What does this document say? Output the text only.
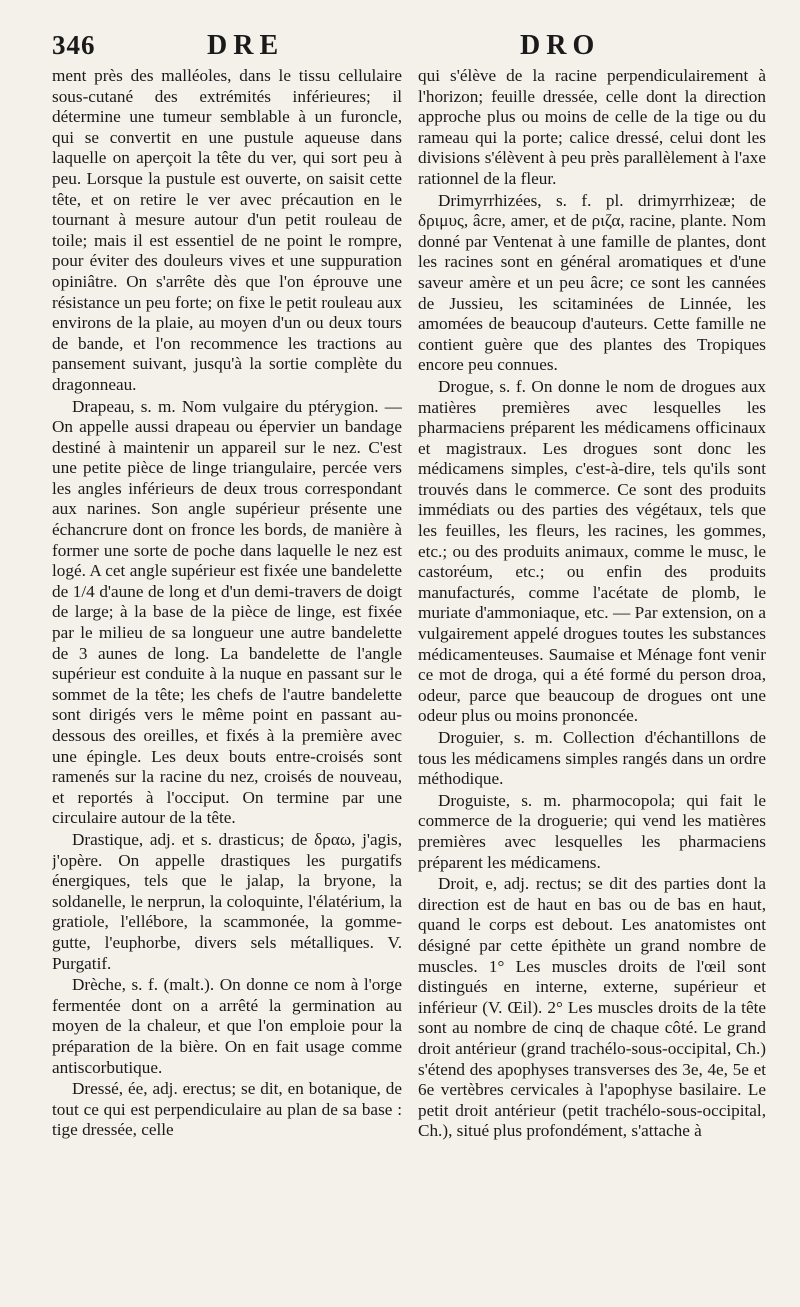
346	DRE	DRO

ment près des malléoles, dans le tissu cellulaire sous-cutané des extrémités inférieures; il détermine une tumeur semblable à un furoncle, qui se convertit en une pustule aqueuse dans laquelle on aperçoit la tête du ver, qui sort peu à peu. Lorsque la pustule est ouverte, on saisit cette tête, et on retire le ver avec précaution en le tournant à mesure autour d'un petit rouleau de toile; mais il est essentiel de ne point le rompre, pour éviter des douleurs vives et une suppuration opiniâtre. On s'arrête dès que l'on éprouve une résistance un peu forte; on fixe le petit rouleau aux environs de la plaie, au moyen d'un ou deux tours de bande, et l'on recommence les tractions au pansement suivant, jusqu'à la sortie complète du dragonneau.

Drapeau, s. m. Nom vulgaire du ptérygion. — On appelle aussi drapeau ou épervier un bandage destiné à maintenir un appareil sur le nez. C'est une petite pièce de linge triangulaire, percée vers les angles inférieurs de deux trous correspondant aux narines. Son angle supérieur présente une échancrure dont on fronce les bords, de manière à former une sorte de poche dans laquelle le nez est logé. A cet angle supérieur est fixée une bandelette de 1/4 d'aune de long et d'un demi-travers de doigt de large; à la base de la pièce de linge, est fixée par le milieu de sa longueur une autre bandelette de 3 aunes de long. La bandelette de l'angle supérieur est conduite à la nuque en passant sur le sommet de la tête; les chefs de l'autre bandelette sont dirigés vers le même point en passant au-dessous des oreilles, et fixés à la première avec une épingle. Les deux bouts entre-croisés sont ramenés sur la racine du nez, croisés de nouveau, et reportés à l'occiput. On termine par une circulaire autour de la tête.

Drastique, adj. et s. drasticus; de δραω, j'agis, j'opère. On appelle drastiques les purgatifs énergiques, tels que le jalap, la bryone, la soldanelle, le nerprun, la coloquinte, l'élatérium, la gratiole, l'ellébore, la scammonée, la gomme-gutte, l'euphorbe, divers sels métalliques. V. Purgatif.

Drèche, s. f. (malt.). On donne ce nom à l'orge fermentée dont on a arrêté la germination au moyen de la chaleur, et que l'on emploie pour la préparation de la bière. On en fait usage comme antiscorbutique.

Dressé, ée, adj. erectus; se dit, en botanique, de tout ce qui est perpendiculaire au plan de sa base : tige dressée, celle

qui s'élève de la racine perpendiculairement à l'horizon; feuille dressée, celle dont la direction approche plus ou moins de celle de la tige ou du rameau qui la porte; calice dressé, celui dont les divisions s'élèvent à peu près parallèlement à l'axe rationnel de la fleur.

Drimyrrhizées, s. f. pl. drimyrrhizeæ; de δριμυς, âcre, amer, et de ριζα, racine, plante. Nom donné par Ventenat à une famille de plantes, dont les racines sont en général aromatiques et d'une saveur amère et un peu âcre; ce sont les cannées de Jussieu, les scitaminées de Linnée, les amomées de beaucoup d'auteurs. Cette famille ne contient guère que des plantes des Tropiques encore peu connues.

Drogue, s. f. On donne le nom de drogues aux matières premières avec lesquelles les pharmaciens préparent les médicamens officinaux et magistraux. Les drogues sont donc les médicamens simples, c'est-à-dire, tels qu'ils sont trouvés dans le commerce. Ce sont des produits immédiats ou des parties des végétaux, tels que les feuilles, les fleurs, les racines, les gommes, etc.; ou des produits animaux, comme le musc, le castoréum, etc.; ou enfin des produits manufacturés, comme l'acétate de plomb, le muriate d'ammoniaque, etc. — Par extension, on a vulgairement appelé drogues toutes les substances médicamenteuses. Saumaise et Ménage font venir ce mot de droga, qui a été formé du person droa, odeur, parce que beaucoup de drogues ont une odeur plus ou moins prononcée.

Droguier, s. m. Collection d'échantillons de tous les médicamens simples rangés dans un ordre méthodique.

Droguiste, s. m. pharmocopola; qui fait le commerce de la droguerie; qui vend les matières premières avec lesquelles les pharmaciens préparent les médicamens.

Droit, e, adj. rectus; se dit des parties dont la direction est de haut en bas ou de bas en haut, quand le corps est debout. Les anatomistes ont désigné par cette épithète un grand nombre de muscles. 1° Les muscles droits de l'œil sont distingués en interne, externe, supérieur et inférieur (V. Œil). 2° Les muscles droits de la tête sont au nombre de cinq de chaque côté. Le grand droit antérieur (grand trachélo-sous-occipital, Ch.) s'étend des apophyses transverses des 3e, 4e, 5e et 6e vertèbres cervicales à l'apophyse basilaire. Le petit droit antérieur (petit trachélo-sous-occipital, Ch.), situé plus profondément, s'attache à
